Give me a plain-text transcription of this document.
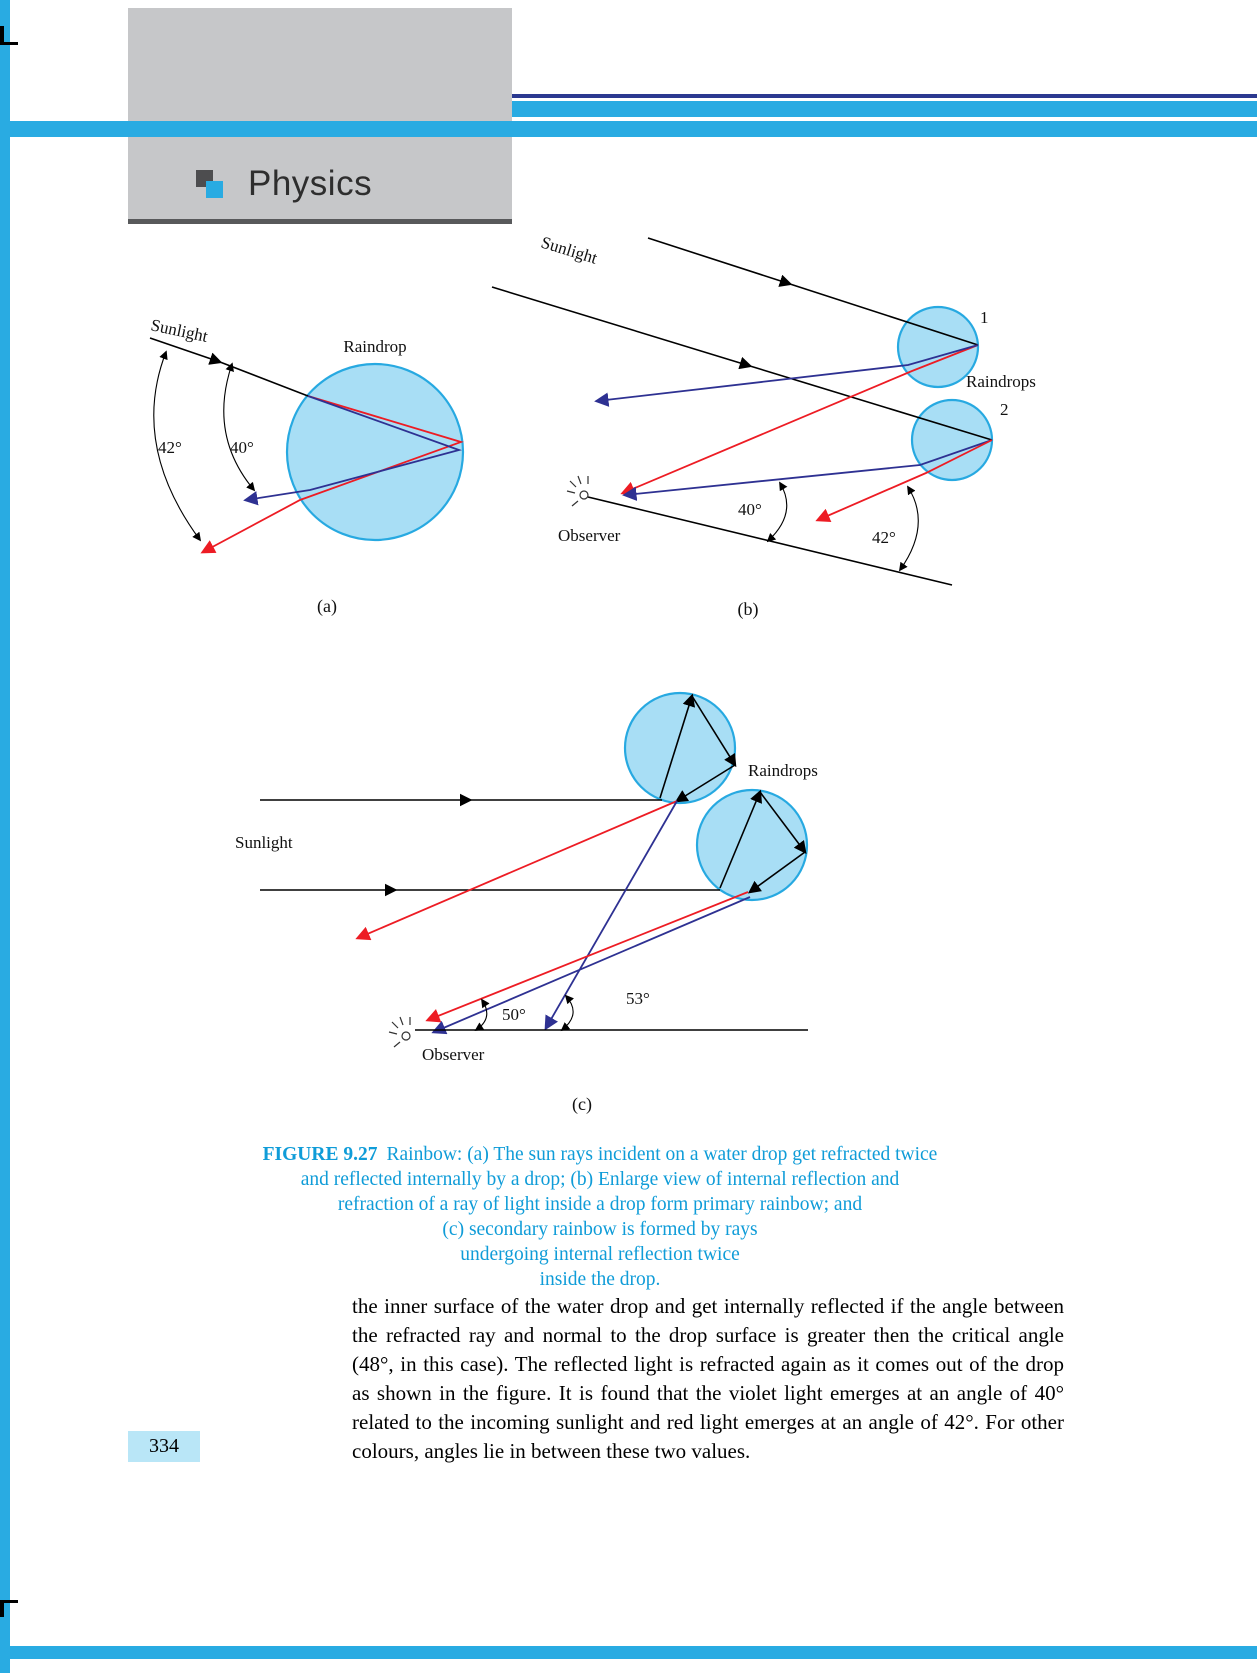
Physics
Sunlight
Raindrop
42°	40°
(a)
Sunlight
1
Raindrops
2
40°
42°
Observer
(b)
Sunlight
Raindrops
50°
53°
Observer
(c)
FIGURE 9.27 Rainbow: (a) The sun rays incident on a water drop get refracted twice
and reflected internally by a drop; (b) Enlarge view of internal reflection and
refraction of a ray of light inside a drop form primary rainbow; and
(c) secondary rainbow is formed by rays
undergoing internal reflection twice
inside the drop.
the inner surface of the water drop and get internally reflected if the angle between the refracted ray and normal to the drop surface is greater then the critical angle (48°, in this case). The reflected light is refracted again as it comes out of the drop as shown in the figure. It is found that the violet light emerges at an angle of 40° related to the incoming sunlight and red light emerges at an angle of 42°. For other colours, angles lie in between these two values.
334
